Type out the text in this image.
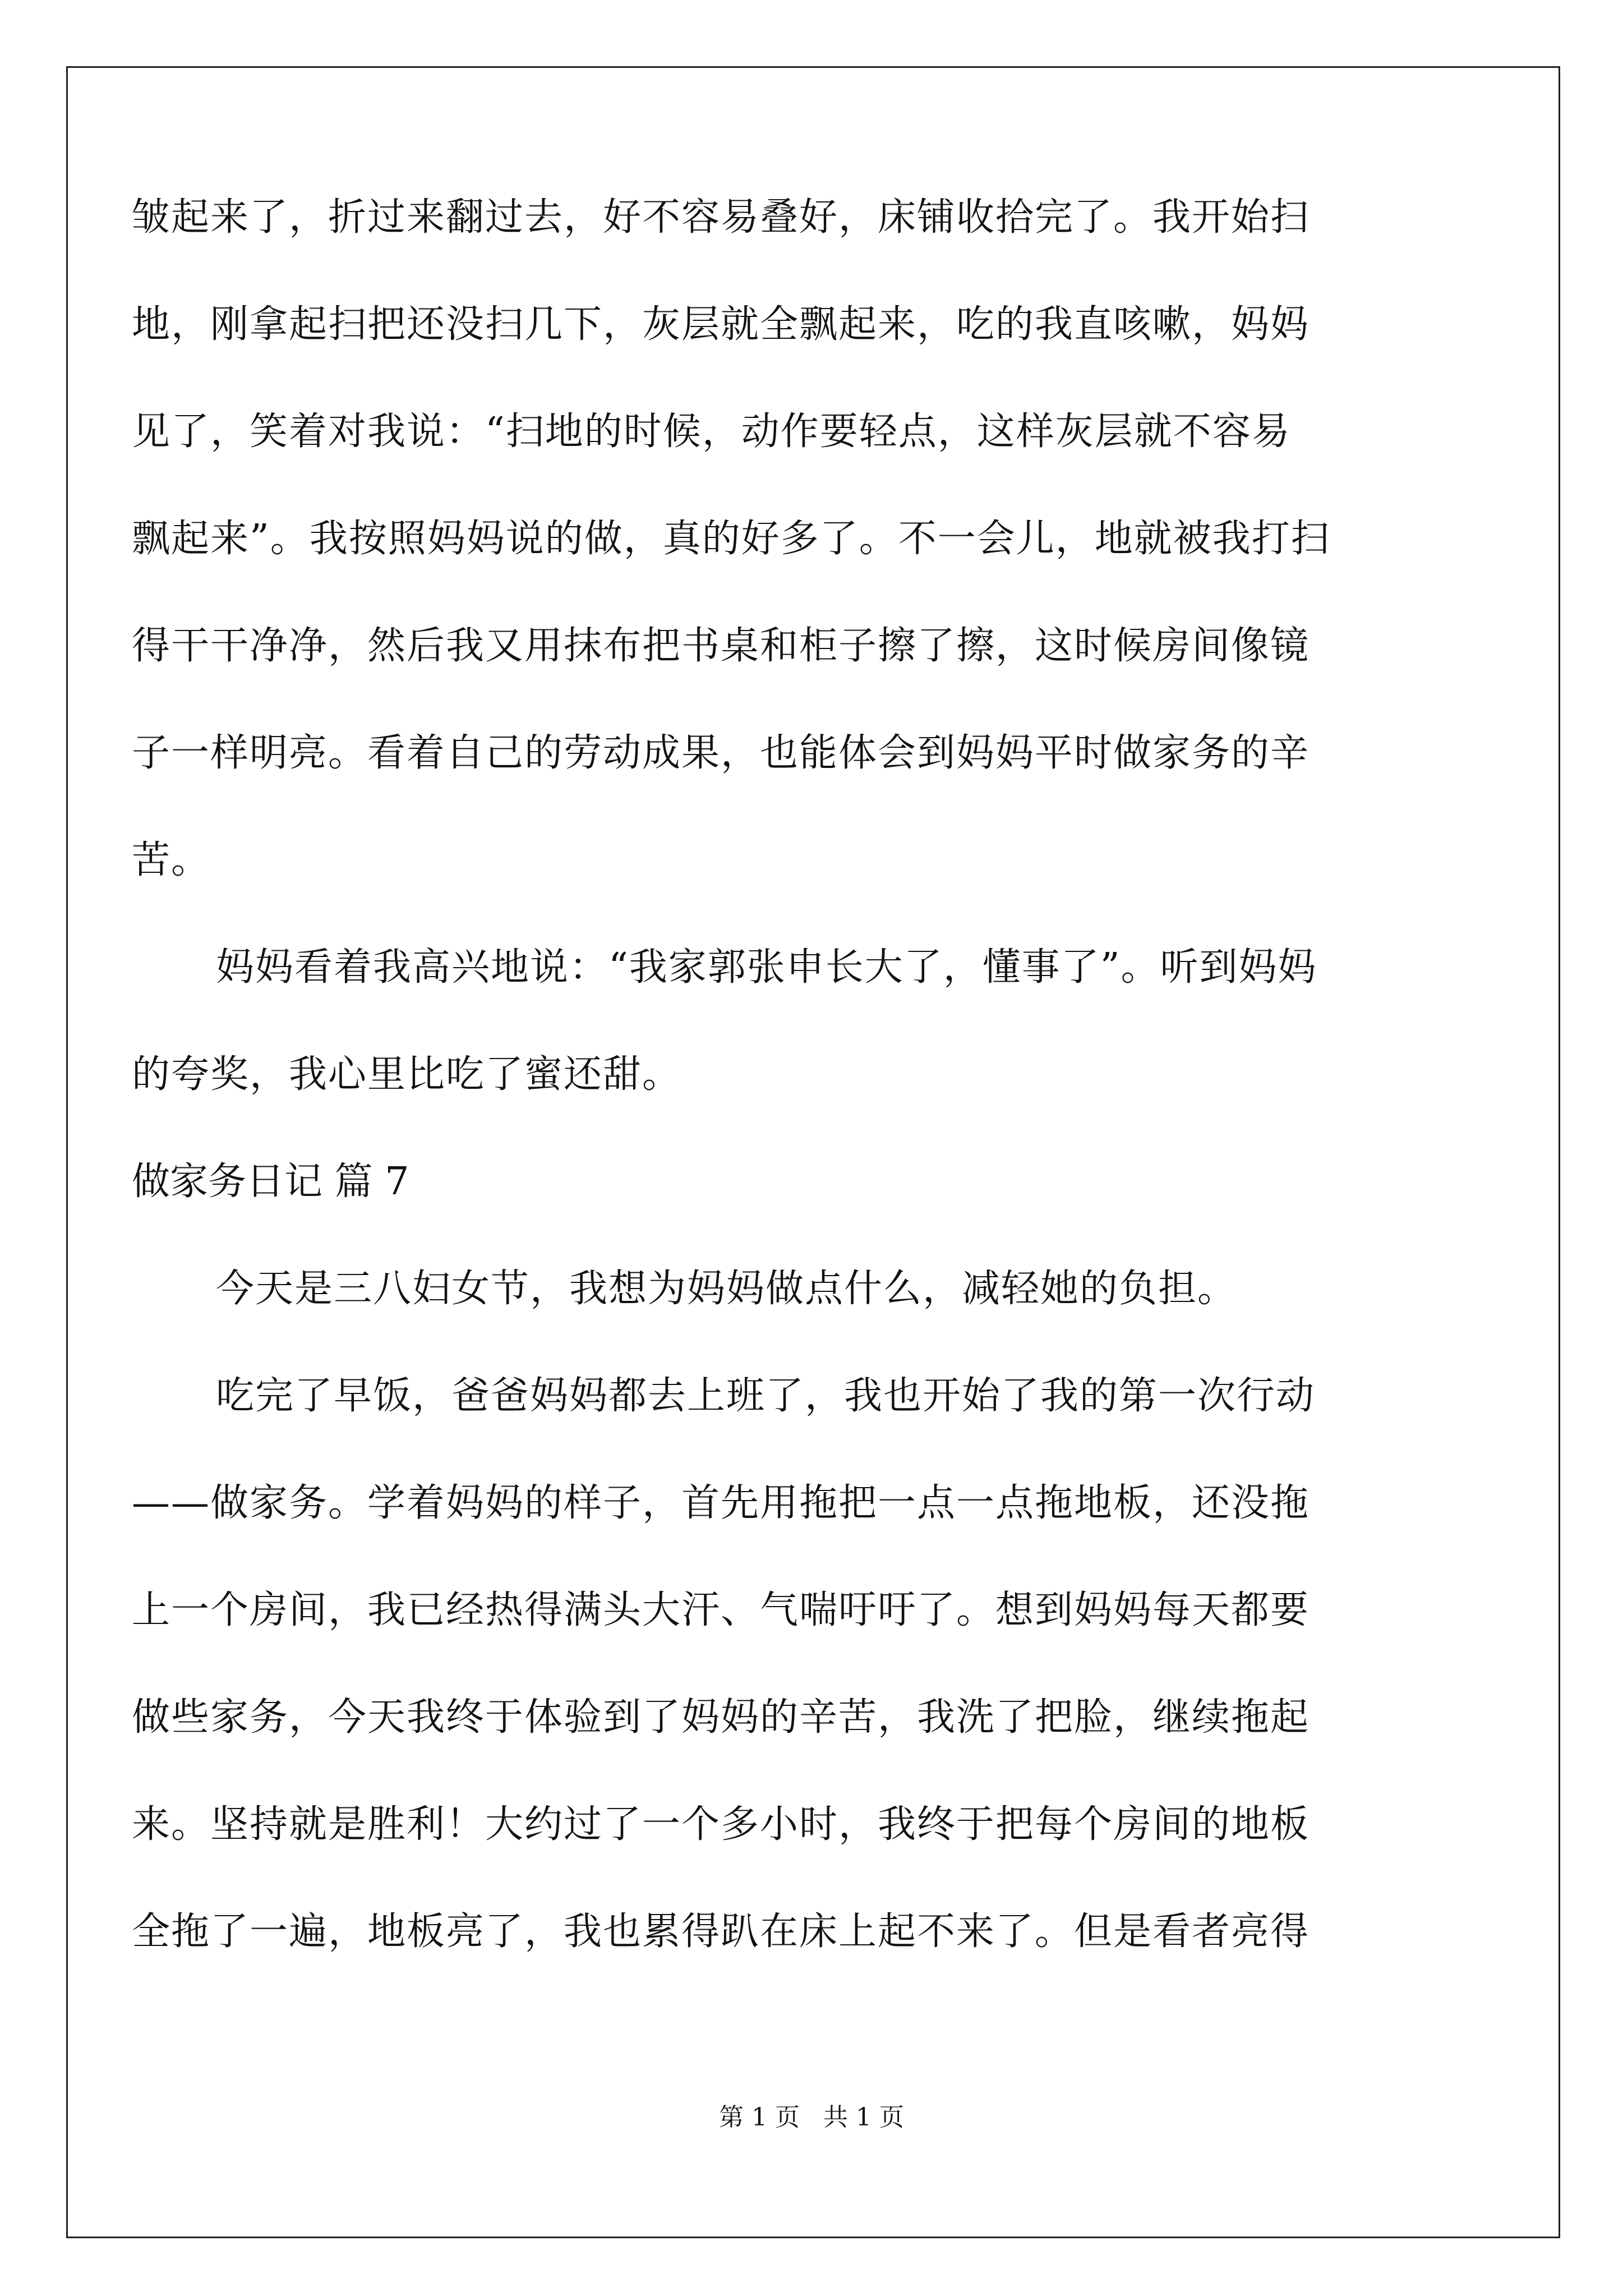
皱起来了，折过来翻过去，好不容易叠好，床铺收拾完了。我开始扫
地，刚拿起扫把还没扫几下，灰层就全飘起来，吃的我直咳嗽，妈妈
见了，笑着对我说：“扫地的时候，动作要轻点，这样灰层就不容易
飘起来”。我按照妈妈说的做，真的好多了。不一会儿，地就被我打扫
得干干净净，然后我又用抹布把书桌和柜子擦了擦，这时候房间像镜
子一样明亮。看着自己的劳动成果，也能体会到妈妈平时做家务的辛
苦。
妈妈看着我高兴地说：“我家郭张申长大了，懂事了”。听到妈妈
的夸奖，我心里比吃了蜜还甜。
做家务日记 篇 7
今天是三八妇女节，我想为妈妈做点什么，减轻她的负担。
吃完了早饭，爸爸妈妈都去上班了，我也开始了我的第一次行动
——做家务。学着妈妈的样子，首先用拖把一点一点拖地板，还没拖
上一个房间，我已经热得满头大汗、气喘吁吁了。想到妈妈每天都要
做些家务，今天我终于体验到了妈妈的辛苦，我洗了把脸，继续拖起
来。坚持就是胜利！大约过了一个多小时，我终于把每个房间的地板
全拖了一遍，地板亮了，我也累得趴在床上起不来了。但是看者亮得
第 1 页   共 1 页
